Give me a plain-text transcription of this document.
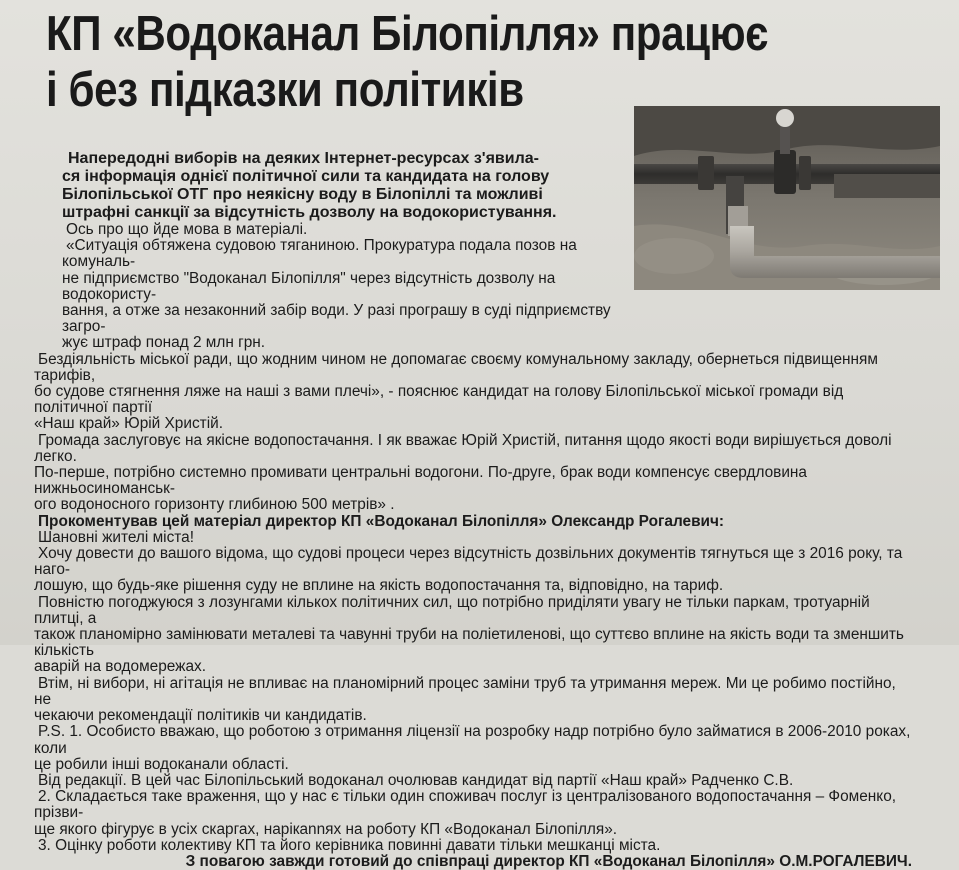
КП «Водоканал Білопілля» працює
і без підказки політиків

Напередодні виборів на деяких Інтернет-ресурсах з'явила-
ся інформація однієї політичної сили та кандидата на голову
Білопільської ОТГ про неякісну воду в Білопіллі та можливі
штрафні санкції за відсутність дозволу на водокористування.

Ось про що йде мова в матеріалі.

«Ситуація обтяжена судовою тяганиною. Прокуратура подала позов на комуналь-
не підприємство "Водоканал Білопілля" через відсутність дозволу на водокористу-
вання, а отже за незаконний забір води. У разі програшу в суді підприємству загро-
жує штраф понад 2 млн грн.

Бездіяльність міської ради, що жодним чином не допомагає своєму комунальному закладу, обернеться підвищенням тарифів,
бо судове стягнення ляже на наші з вами плечі», - пояснює кандидат на голову Білопільської міської громади від політичної партії
«Наш край» Юрій Христій.

Громада заслуговує на якісне водопостачання. І як вважає Юрій Христій, питання щодо якості води вирішується доволі легко.
По-перше, потрібно системно промивати центральні водогони. По-друге, брак води компенсує свердловина нижньосиноманськ-
ого водоносного горизонту глибиною 500 метрів» .

Прокоментував цей матеріал директор КП «Водоканал Білопілля» Олександр Рогалевич:

Шановні жителі міста!

Хочу довести до вашого відома, що судові процеси через відсутність дозвільних документів тягнуться ще з 2016 року, та наго-
лошую, що будь-яке рішення суду не вплине на якість водопостачання та, відповідно, на тариф.

Повністю погоджуюся з лозунгами кількох політичних сил, що потрібно приділяти увагу не тільки паркам, тротуарній плитці, а
також планомірно замінювати металеві та чавунні труби на поліетиленові, що суттєво вплине на якість води та зменшить кількість
аварій на водомережах.

Втім, ні вибори, ні агітація не впливає на планомірний процес заміни труб та утримання мереж. Ми це робимо постійно, не
чекаючи рекомендації політиків чи кандидатів.

P.S. 1. Особисто вважаю, що роботою з отримання ліцензії на розробку надр потрібно було займатися в 2006-2010 роках, коли
це робили інші водоканали області.

Від редакції. В цей час Білопільський водоканал очолював кандидат від партії «Наш край» Радченко С.В.

2. Складається таке враження, що у нас є тільки один споживач послуг із централізованого водопостачання – Фоменко, прізви-
ще якого фігурує в усіх скаргах, нарікannях на роботу КП «Водоканал Білопілля».

3. Оцінку роботи колективу КП та його керівника повинні давати тільки мешканці міста.

З повагою завжди готовий до співпраці директор КП «Водоканал Білопілля» О.М.РОГАЛЕВИЧ.
